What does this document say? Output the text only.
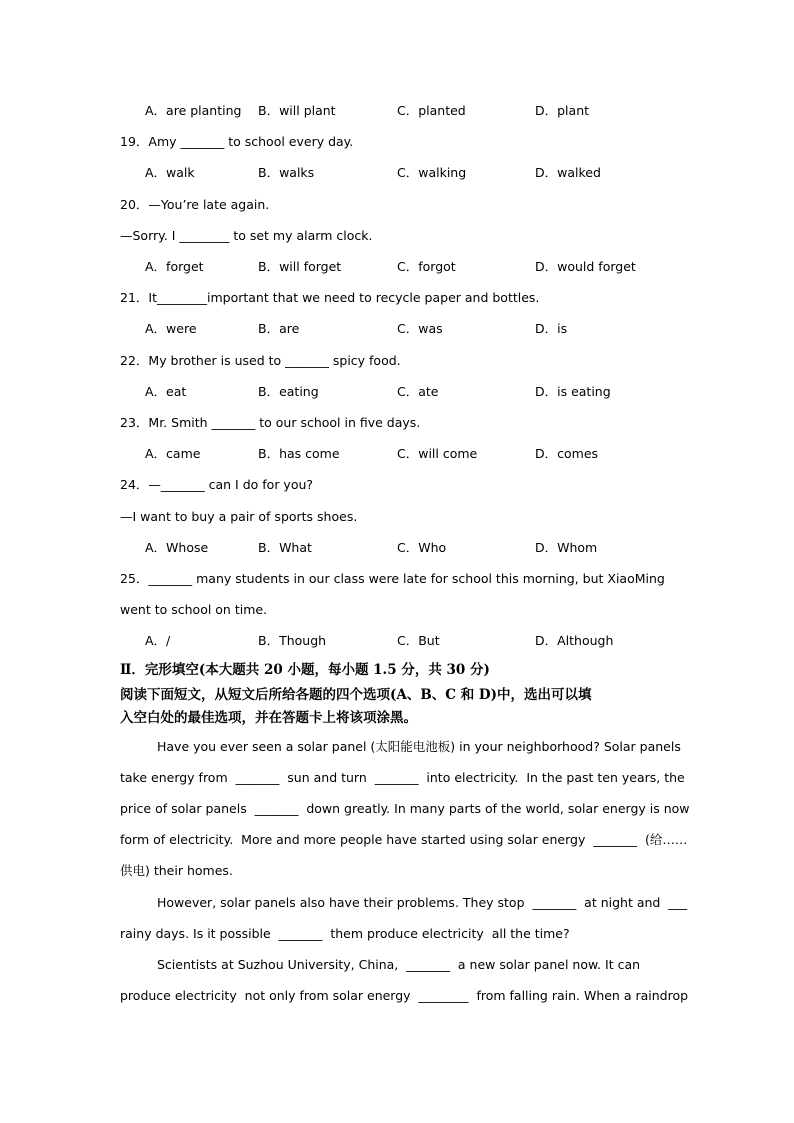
A．are planting B．will plant	C．planted	D．plant
19．Amy _______ to school every day.
A．walk	B．walks	C．walking	D．walked
20．—You’re late again.
—Sorry. I ________ to set my alarm clock.
A．forget	B．will forget	C．forgot	D．would forget
21．It________important that we need to recycle paper and bottles.
A．were	B．are	C．was	D．is
22．My brother is used to _______ spicy food.
A．eat	B．eating	C．ate	D．is eating
23．Mr. Smith _______ to our school in five days.
A．came	B．has come	C．will come	D．comes
24．—_______ can I do for you?
—I want to buy a pair of sports shoes.
A．Whose	B．What	C．Who	D．Whom
25．_______ many students in our class were late for school this morning, but XiaoMing
went to school on time.
A．/	B．Though	C．But	D．Although
Ⅱ．完形填空(本大题共 20 小题，每小题 1.5 分，共 30 分)
阅读下面短文，从短文后所给各题的四个选项(A、B、C 和 D)中，选出可以填
入空白处的最佳选项，并在答题卡上将该项涂黑。
Have you ever seen a solar panel (太阳能电池板) in your neighborhood? Solar panels
take energy from  _______  sun and turn  _______  into electricity.  In the past ten years, the
price of solar panels  _______  down greatly. In many parts of the world, solar energy is now
form of electricity.  More and more people have started using solar energy  _______  (给……
供电) their homes.
However, solar panels also have their problems. They stop  _______  at night and  ___
rainy days. Is it possible  _______  them produce electricity  all the time?
Scientists at Suzhou University, China,  _______  a new solar panel now. It can
produce electricity  not only from solar energy  ________  from falling rain. When a raindrop
